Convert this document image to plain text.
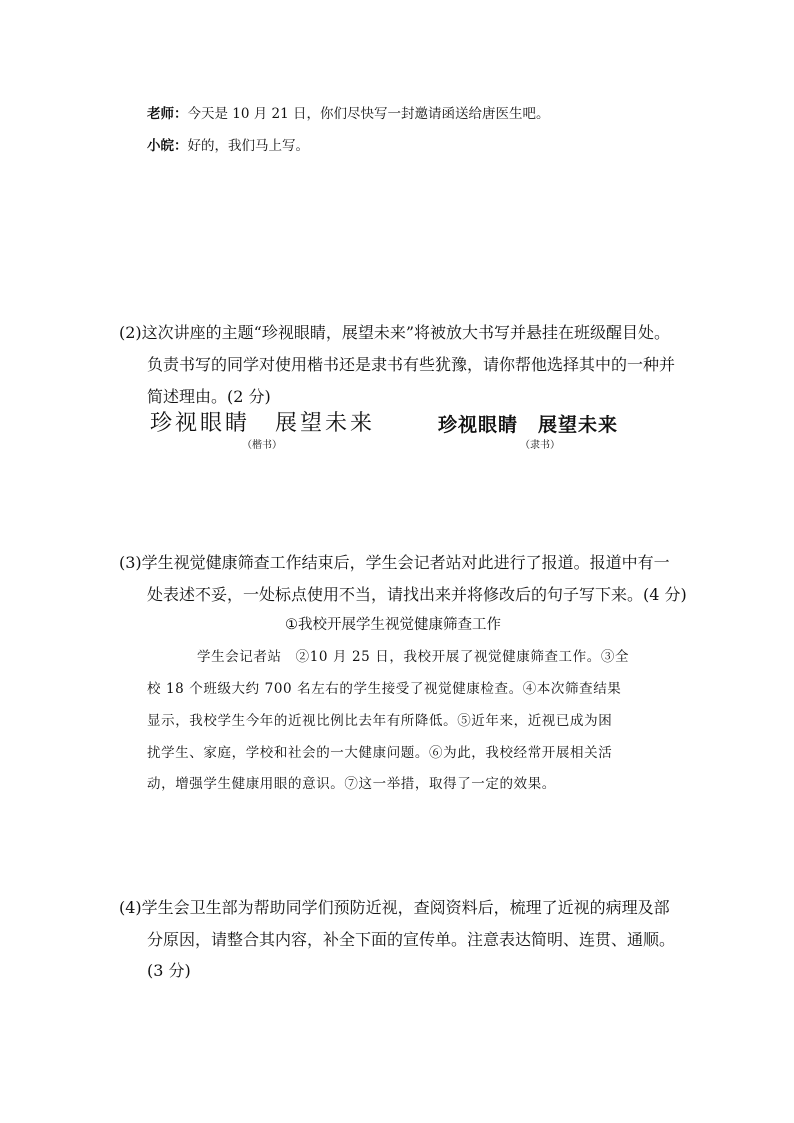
老师：今天是 10 月 21 日，你们尽快写一封邀请函送给唐医生吧。
小皖：好的，我们马上写。
(2)这次讲座的主题“珍视眼睛，展望未来”将被放大书写并悬挂在班级醒目处。
负责书写的同学对使用楷书还是隶书有些犹豫，请你帮他选择其中的一种并
简述理由。(2 分)
珍视眼睛　展望未来
（楷书）
珍视眼睛　展望未来
（隶书）
(3)学生视觉健康筛查工作结束后，学生会记者站对此进行了报道。报道中有一
处表述不妥，一处标点使用不当，请找出来并将修改后的句子写下来。(4 分)
①我校开展学生视觉健康筛查工作
学生会记者站 ②10 月 25 日，我校开展了视觉健康筛查工作。③全
校 18 个班级大约 700 名左右的学生接受了视觉健康检查。④本次筛查结果
显示，我校学生今年的近视比例比去年有所降低。⑤近年来，近视已成为困
扰学生、家庭，学校和社会的一大健康问题。⑥为此，我校经常开展相关活
动，增强学生健康用眼的意识。⑦这一举措，取得了一定的效果。
(4)学生会卫生部为帮助同学们预防近视，查阅资料后，梳理了近视的病理及部
分原因，请整合其内容，补全下面的宣传单。注意表达简明、连贯、通顺。
(3 分)
